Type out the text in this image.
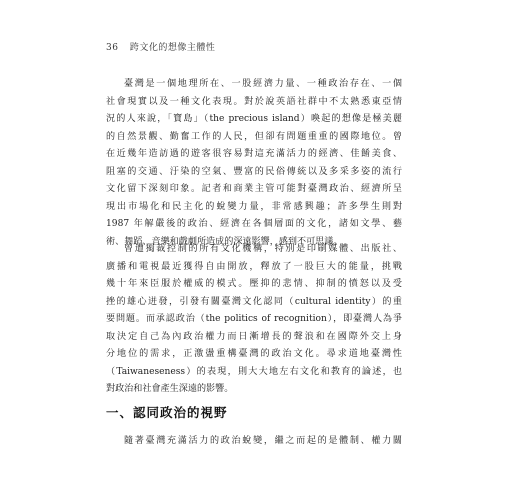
36 跨文化的想像主體性
臺灣是一個地理所在、一股經濟力量、一種政治存在、一個
社會現實以及一種文化表現。對於說英語社群中不太熟悉東亞情
況的人來說，「寶島」（the precious island）喚起的想像是極美麗
的自然景觀、勤奮工作的人民，但卻有問題重重的國際地位。曾
在近幾年造訪過的遊客很容易對這充滿活力的經濟、佳餚美食、
阻塞的交通、汙染的空氣、豐富的民俗傳統以及多采多姿的流行
文化留下深刻印象。記者和商業主管可能對臺灣政治、經濟所呈
現出市場化和民主化的蛻變力量，非常感興趣；許多學生則對
1987 年解嚴後的政治、經濟在各個層面的文化，諸如文學、藝
術、舞蹈、音樂和戲劇所造成的深遠影響，感到不可思議。
曾遭獨裁控制的所有文化機構，特別是印刷媒體、出版社、
廣播和電視最近獲得自由開放，釋放了一股巨大的能量，挑戰
幾十年來臣服於權威的模式。壓抑的悲情、抑制的憤怒以及受
挫的雄心迸發，引發有關臺灣文化認同（cultural identity）的重
要問題。而承認政治（the politics of recognition），即臺灣人為爭
取決定自己為內政治權力而日漸增長的聲浪和在國際外交上身
分地位的需求，正激盪重構臺灣的政治文化。尋求道地臺灣性
（Taiwaneseness）的表現，則大大地左右文化和教育的論述，也
對政治和社會產生深遠的影響。
一、認同政治的視野
隨著臺灣充滿活力的政治蛻變，繼之而起的是體制、權力關
